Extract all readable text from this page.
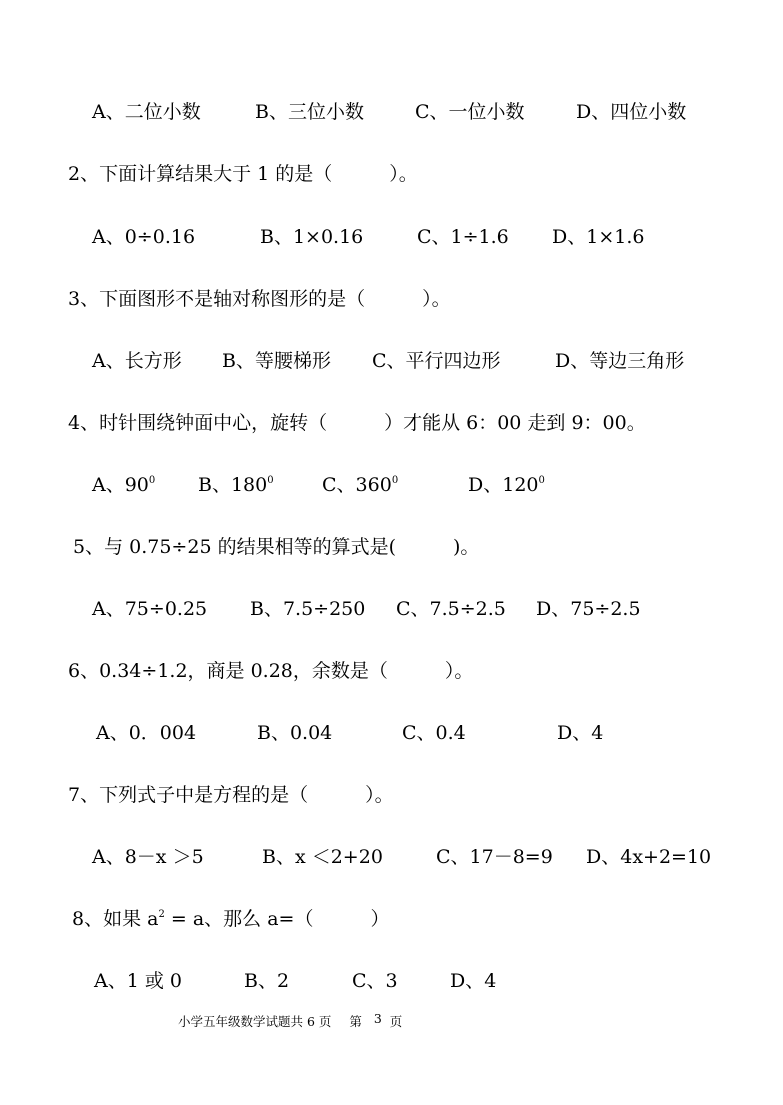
A、二位小数	B、三位小数	C、一位小数	D、四位小数
2、下面计算结果大于 1 的是（　　　）。
A、0÷0.16	B、1×0.16	C、1÷1.6 D、1×1.6
3、下面图形不是轴对称图形的是（　　　）。
A、长方形 B、等腰梯形 C、平行四边形	D、等边三角形
4、时针围绕钟面中心，旋转（　　　）才能从 6：00 走到 9：00。
A、$90^0$ B、$180^0$	C、$360^0$	D、$120^0$
5、与 0.75÷25 的结果相等的算式是(　　　)。
A、75÷0.25 B、7.5÷250 C、7.5÷2.5 D、75÷2.5
6、0.34÷1.2，商是 0.28，余数是（　　　）。
A、0．004	B、0.04	C、0.4	D、4
7、下列式子中是方程的是（　　　）。
A、8－x ＞5	B、x ＜2+20	C、17－8=9 D、4x+2=10
8、如果 $a^2 = a$、那么 a=（　　　）
A、1 或 0	B、2	C、3	D、4
小学五年级数学试题共 6 页 第 3 页
